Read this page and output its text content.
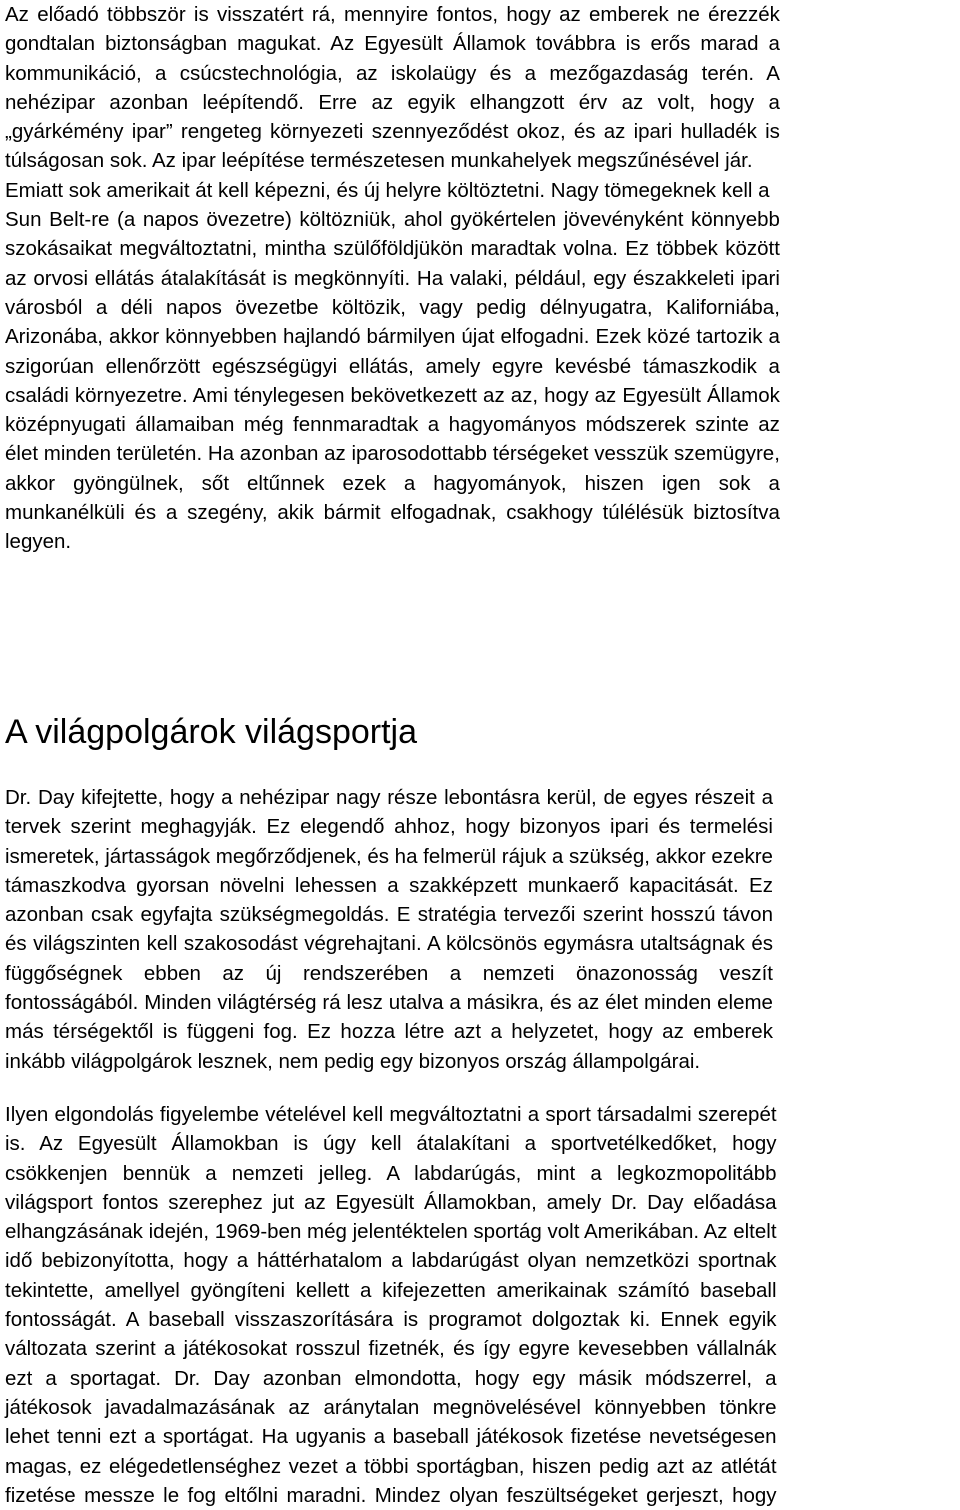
Az előadó többször is visszatért rá, mennyire fontos, hogy az emberek ne érezzék
gondtalan biztonságban magukat. Az Egyesült Államok továbbra is erős marad a
kommunikáció, a csúcstechnológia, az iskolaügy és a mezőgazdaság terén. A
nehézipar azonban leépítendő. Erre az egyik elhangzott érv az volt, hogy a
„gyárkémény ipar” rengeteg környezeti szennyeződést okoz, és az ipari hulladék is
túlságosan sok. Az ipar leépítése természetesen munkahelyek megszűnésével jár.
Emiatt sok amerikait át kell képezni, és új helyre költöztetni. Nagy tömegeknek kell a
Sun Belt-re (a napos övezetre) költözniük, ahol gyökértelen jövevényként könnyebb
szokásaikat megváltoztatni, mintha szülőföldjükön maradtak volna. Ez többek között
az orvosi ellátás átalakítását is megkönnyíti. Ha valaki, például, egy északkeleti ipari
városból a déli napos övezetbe költözik, vagy pedig délnyugatra, Kaliforniába,
Arizonába, akkor könnyebben hajlandó bármilyen újat elfogadni. Ezek közé tartozik a
szigorúan ellenőrzött egészségügyi ellátás, amely egyre kevésbé támaszkodik a
családi környezetre. Ami ténylegesen bekövetkezett az az, hogy az Egyesült Államok
középnyugati államaiban még fennmaradtak a hagyományos módszerek szinte az
élet minden területén. Ha azonban az iparosodottabb térségeket vesszük szemügyre,
akkor gyöngülnek, sőt eltűnnek ezek a hagyományok, hiszen igen sok a
munkanélküli és a szegény, akik bármit elfogadnak, csakhogy túlélésük biztosítva
legyen.
A világpolgárok világsportja
Dr. Day kifejtette, hogy a nehézipar nagy része lebontásra kerül, de egyes részeit a
tervek szerint meghagyják. Ez elegendő ahhoz, hogy bizonyos ipari és termelési
ismeretek, jártasságok megőrződjenek, és ha felmerül rájuk a szükség, akkor ezekre
támaszkodva gyorsan növelni lehessen a szakképzett munkaerő kapacitását. Ez
azonban csak egyfajta szükségmegoldás. E stratégia tervezői szerint hosszú távon
és világszinten kell szakosodást végrehajtani. A kölcsönös egymásra utaltságnak és
függőségnek ebben az új rendszerében a nemzeti önazonosság veszít
fontosságából. Minden világtérség rá lesz utalva a másikra, és az élet minden eleme
más térségektől is függeni fog. Ez hozza létre azt a helyzetet, hogy az emberek
inkább világpolgárok lesznek, nem pedig egy bizonyos ország állampolgárai.
Ilyen elgondolás figyelembe vételével kell megváltoztatni a sport társadalmi szerepét
is. Az Egyesült Államokban is úgy kell átalakítani a sportvetélkedőket, hogy
csökkenjen bennük a nemzeti jelleg. A labdarúgás, mint a legkozmopolitább
világsport fontos szerephez jut az Egyesült Államokban, amely Dr. Day előadása
elhangzásának idején, 1969-ben még jelentéktelen sportág volt Amerikában. Az eltelt
idő bebizonyította, hogy a háttérhatalom a labdarúgást olyan nemzetközi sportnak
tekintette, amellyel gyöngíteni kellett a kifejezetten amerikainak számító baseball
fontosságát. A baseball visszaszorítására is programot dolgoztak ki. Ennek egyik
változata szerint a játékosokat rosszul fizetnék, és így egyre kevesebben vállalnák
ezt a sportagat. Dr. Day azonban elmondotta, hogy egy másik módszerrel, a
játékosok javadalmazásának az aránytalan megnövelésével könnyebben tönkre
lehet tenni ezt a sportágat. Ha ugyanis a baseball játékosok fizetése nevetségesen
magas, ez elégedetlenséghez vezet a többi sportágban, hiszen pedig azt az atlétát
fizetése messze le fog eltőlni maradni. Mindez olyan feszültségeket gerjeszt, hogy
